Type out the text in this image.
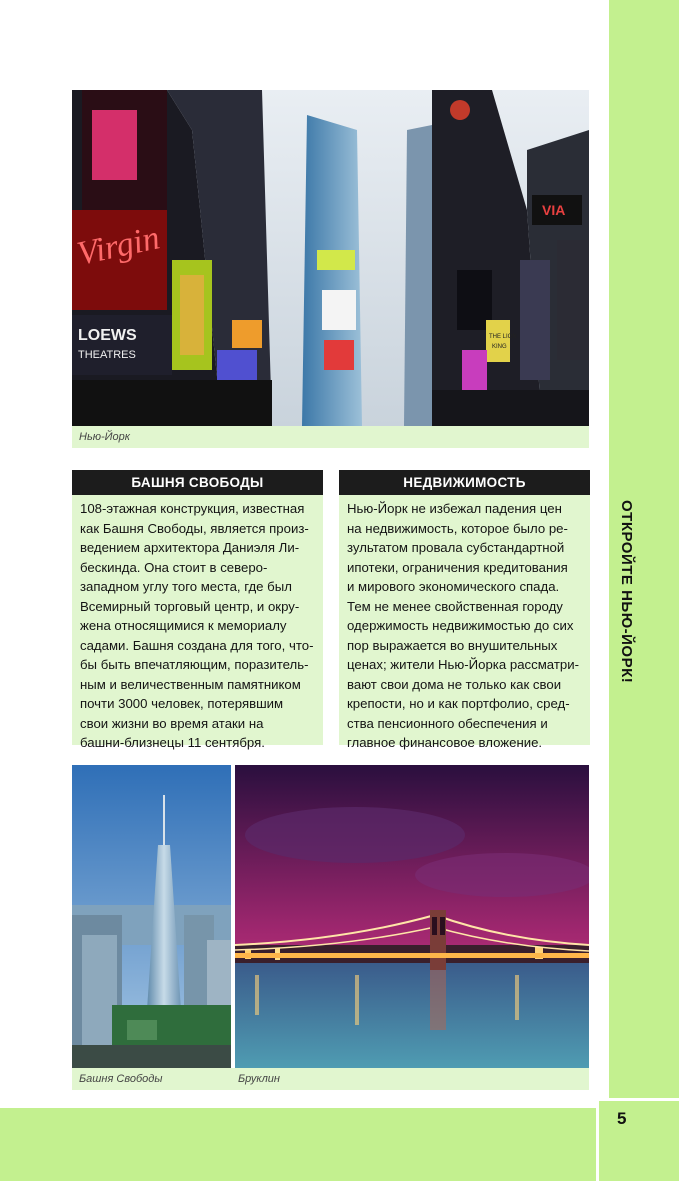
ОТКРОЙТЕ НЬЮ-ЙОРК!
Virgin
LOEWS
THEATRES
VIA
THE LION
KING
Нью-Йорк
БАШНЯ СВОБОДЫ
108-этажная конструкция, известная
как Башня Свободы, является произ-
ведением архитектора Даниэля Ли-
бескинда. Она стоит в северо-
западном углу того места, где был
Всемирный торговый центр, и окру-
жена относящимися к мемориалу
садами. Башня создана для того, что-
бы быть впечатляющим, поразитель-
ным и величественным памятником
почти 3000 человек, потерявшим
свои жизни во время атаки на
башни-близнецы 11 сентября.
НЕДВИЖИМОСТЬ
Нью-Йорк не избежал падения цен
на недвижимость, которое было ре-
зультатом провала субстандартной
ипотеки, ограничения кредитования
и мирового экономического спада.
Тем не менее свойственная городу
одержимость недвижимостью до сих
пор выражается во внушительных
ценах; жители Нью-Йорка рассматри-
вают свои дома не только как свои
крепости, но и как портфолио, сред-
ства пенсионного обеспечения и
главное финансовое вложение.
Башня Свободы	Бруклин
5
